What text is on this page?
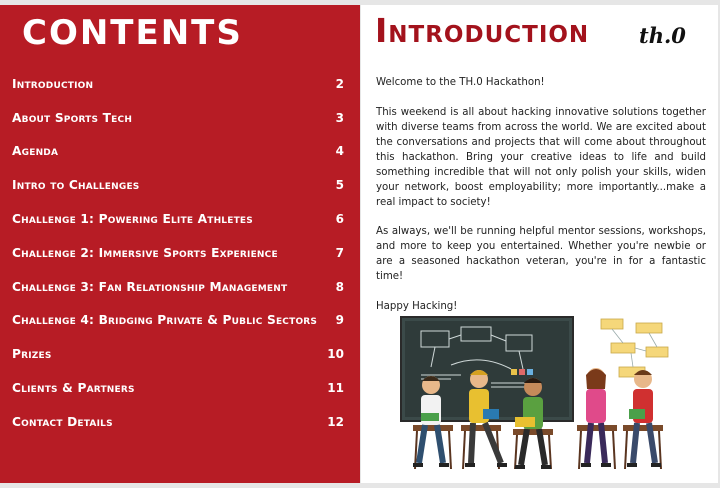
CONTENTS
Introduction	2
About Sports Tech	3
Agenda	4
Intro to Challenges	5
Challenge 1: Powering Elite Athletes	6
Challenge 2: Immersive Sports Experience	7
Challenge 3: Fan Relationship Management	8
Challenge 4: Bridging Private & Public Sectors 9
Prizes	10
Clients & Partners	11
Contact Details	12
Introduction th.0

Welcome to the TH.0 Hackathon!

This weekend is all about hacking innovative solutions together with diverse teams from across the world. We are excited about the conversations and projects that will come about throughout this hackathon. Bring your creative ideas to life and build something incredible that will not only polish your skills, widen your network, boost employability; more importantly...make a real impact to society!

As always, we'll be running helpful mentor sessions, workshops, and more to keep you entertained. Whether you're newbie or are a seasoned hackathon veteran, you're in for a fantastic time!

Happy Hacking!
